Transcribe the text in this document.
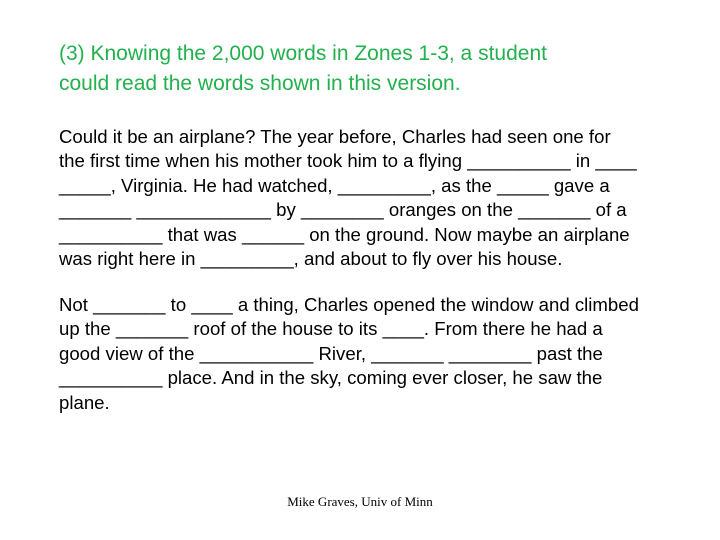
(3) Knowing the 2,000 words in Zones 1-3, a student
could read the words shown in this version.

Could it be an airplane? The year before, Charles had seen one for
the first time when his mother took him to a flying __________ in ____
_____, Virginia. He had watched, _________, as the _____ gave a
_______ _____________ by ________ oranges on the _______ of a
__________ that was ______ on the ground. Now maybe an airplane
was right here in _________, and about to fly over his house.

Not _______ to ____ a thing, Charles opened the window and climbed
up the _______ roof of the house to its ____. From there he had a
good view of the ___________ River, _______ ________ past the
__________ place. And in the sky, coming ever closer, he saw the
plane.

Mike Graves, Univ of Minn
